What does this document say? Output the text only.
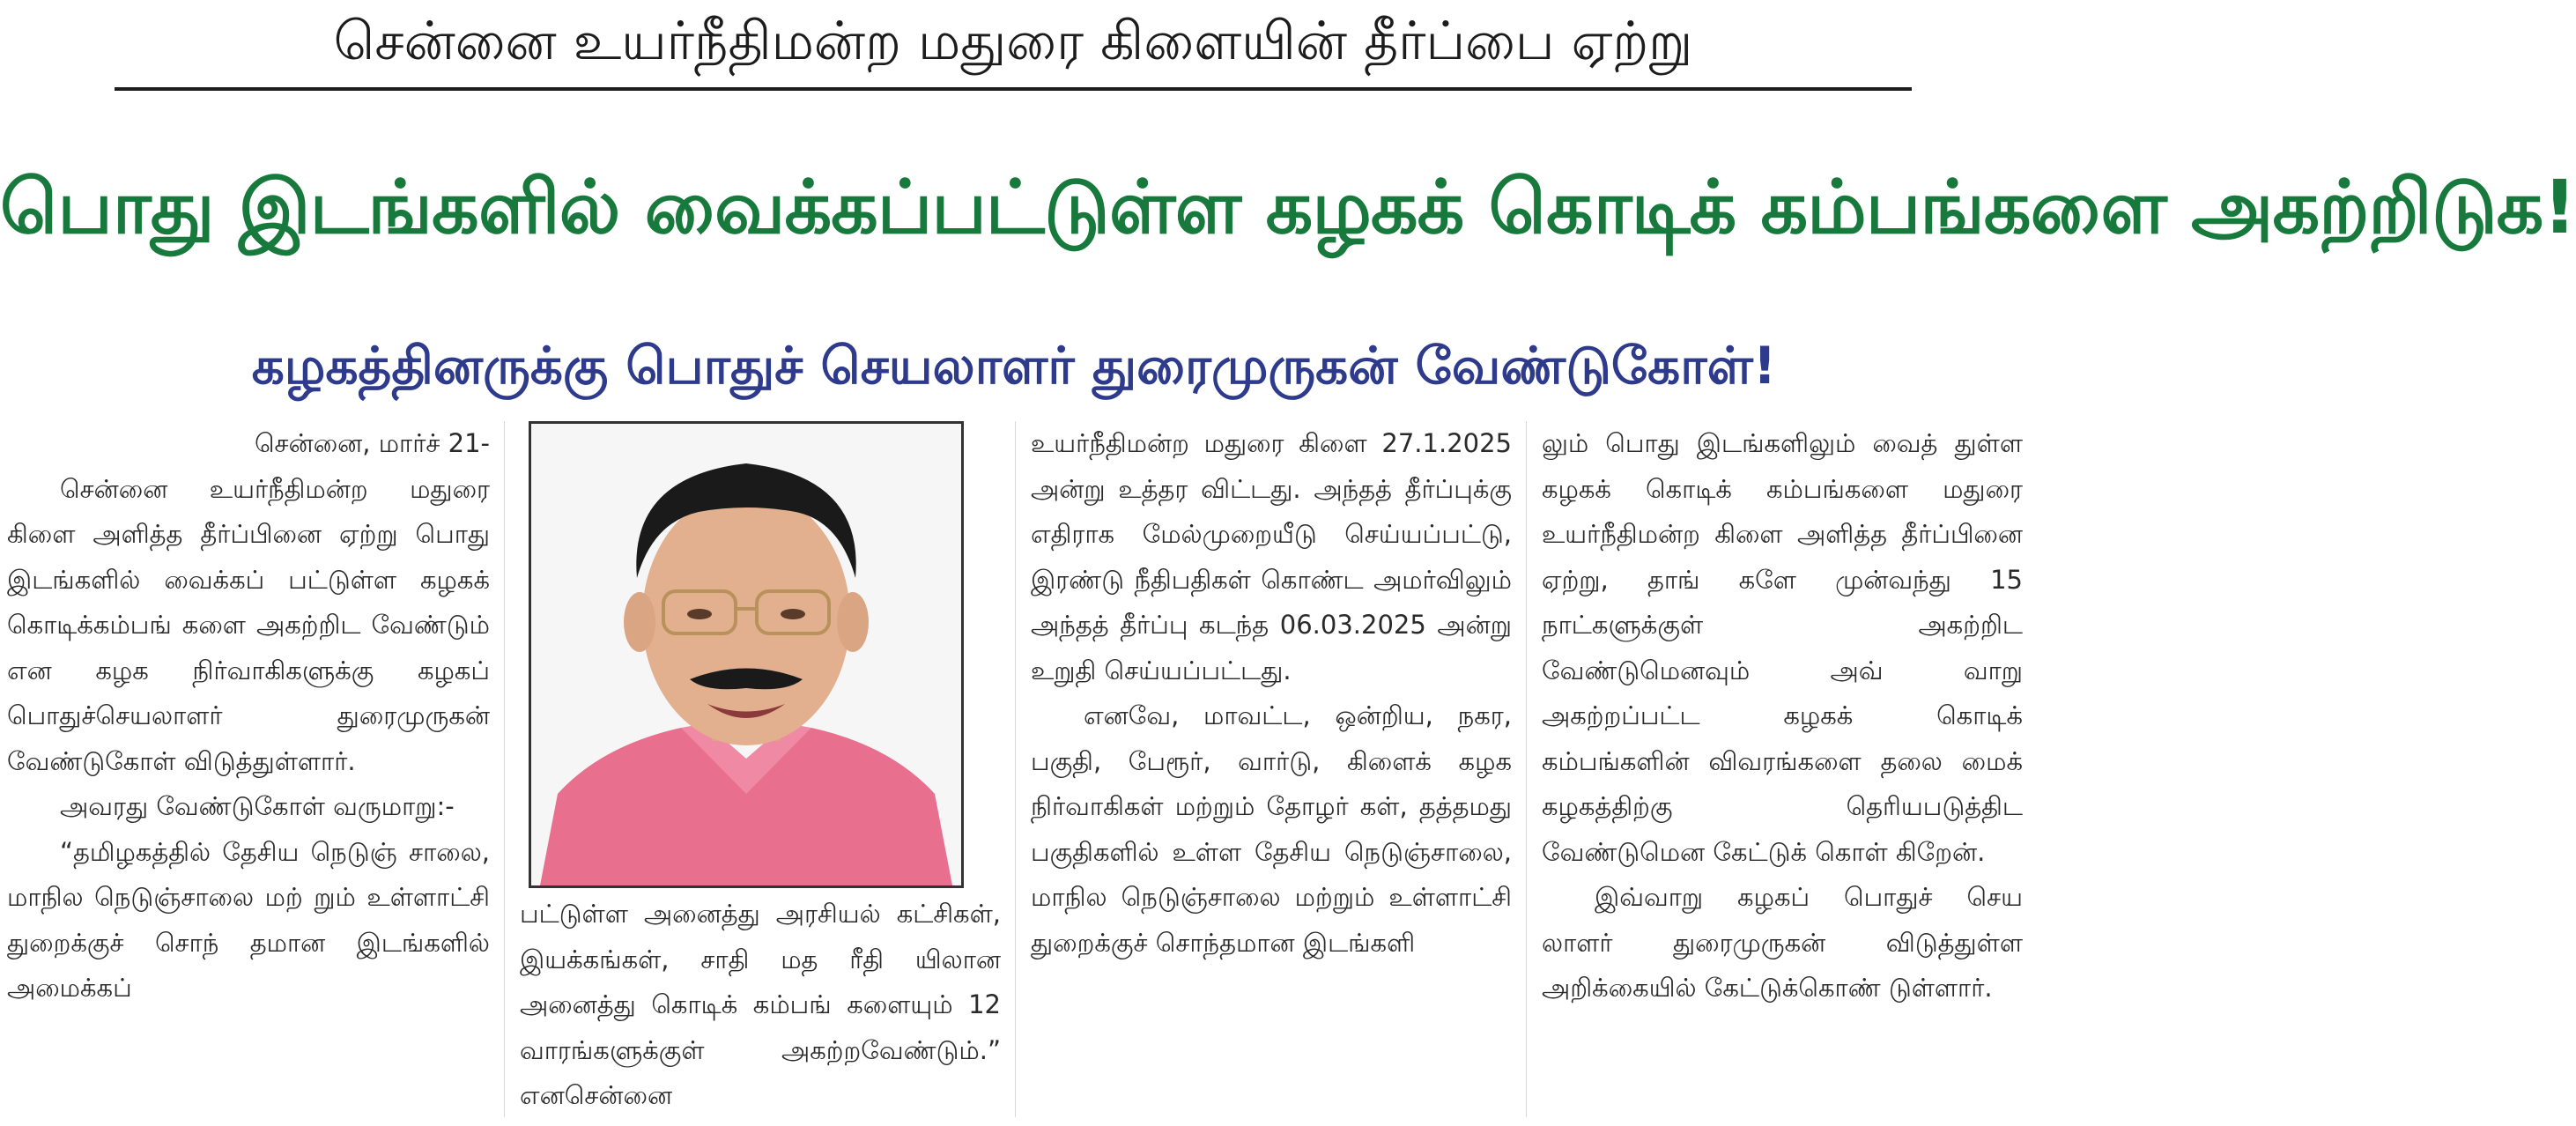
சென்னை உயர்நீதிமன்ற மதுரை கிளையின் தீர்ப்பை ஏற்று
பொது இடங்களில் வைக்கப்பட்டுள்ள கழகக் கொடிக் கம்பங்களை அகற்றிடுக!
கழகத்தினருக்கு பொதுச் செயலாளர் துரைமுருகன் வேண்டுகோள்!

சென்னை, மார்ச் 21-

சென்னை உயர்நீதிமன்ற மதுரை கிளை அளித்த தீர்ப்பினை ஏற்று பொது இடங்களில் வைக்கப் பட்டுள்ள கழகக் கொடிக்கம்பங் களை அகற்றிட வேண்டும் என கழக நிர்வாகிகளுக்கு கழகப் பொதுச்செயலாளர் துரைமுருகன் வேண்டுகோள் விடுத்துள்ளார்.

அவரது வேண்டுகோள் வருமாறு:-

“தமிழகத்தில் தேசிய நெடுஞ் சாலை, மாநில நெடுஞ்சாலை மற் றும் உள்ளாட்சி துறைக்குச் சொந் தமான இடங்களில் அமைக்கப்

பட்டுள்ள அனைத்து அரசியல் கட்சிகள், இயக்கங்கள், சாதி மத ரீதி யிலான அனைத்து கொடிக் கம்பங் களையும் 12 வாரங்களுக்குள் அகற்றவேண்டும்.” எனசென்னை

உயர்நீதிமன்ற மதுரை கிளை 27.1.2025 அன்று உத்தர விட்டது. அந்தத் தீர்ப்புக்கு எதிராக மேல்முறையீடு செய்யப்பட்டு, இரண்டு நீதிபதிகள் கொண்ட அமர்விலும் அந்தத் தீர்ப்பு கடந்த 06.03.2025 அன்று உறுதி செய்யப்பட்டது.

எனவே, மாவட்ட, ஒன்றிய, நகர, பகுதி, பேரூர், வார்டு, கிளைக் கழக நிர்வாகிகள் மற்றும் தோழர் கள், தத்தமது பகுதிகளில் உள்ள தேசிய நெடுஞ்சாலை, மாநில நெடுஞ்சாலை மற்றும் உள்ளாட்சி துறைக்குச் சொந்தமான இடங்களி

லும் பொது இடங்களிலும் வைத் துள்ள கழகக் கொடிக் கம்பங்களை மதுரை உயர்நீதிமன்ற கிளை அளித்த தீர்ப்பினை ஏற்று, தாங் களே முன்வந்து 15 நாட்களுக்குள் அகற்றிட வேண்டுமெனவும் அவ் வாறு அகற்றப்பட்ட கழகக் கொடிக் கம்பங்களின் விவரங்களை தலை மைக் கழகத்திற்கு தெரியபடுத்திட வேண்டுமென கேட்டுக் கொள் கிறேன்.

இவ்வாறு கழகப் பொதுச் செய லாளர் துரைமுருகன் விடுத்துள்ள அறிக்கையில் கேட்டுக்கொண் டுள்ளார்.
